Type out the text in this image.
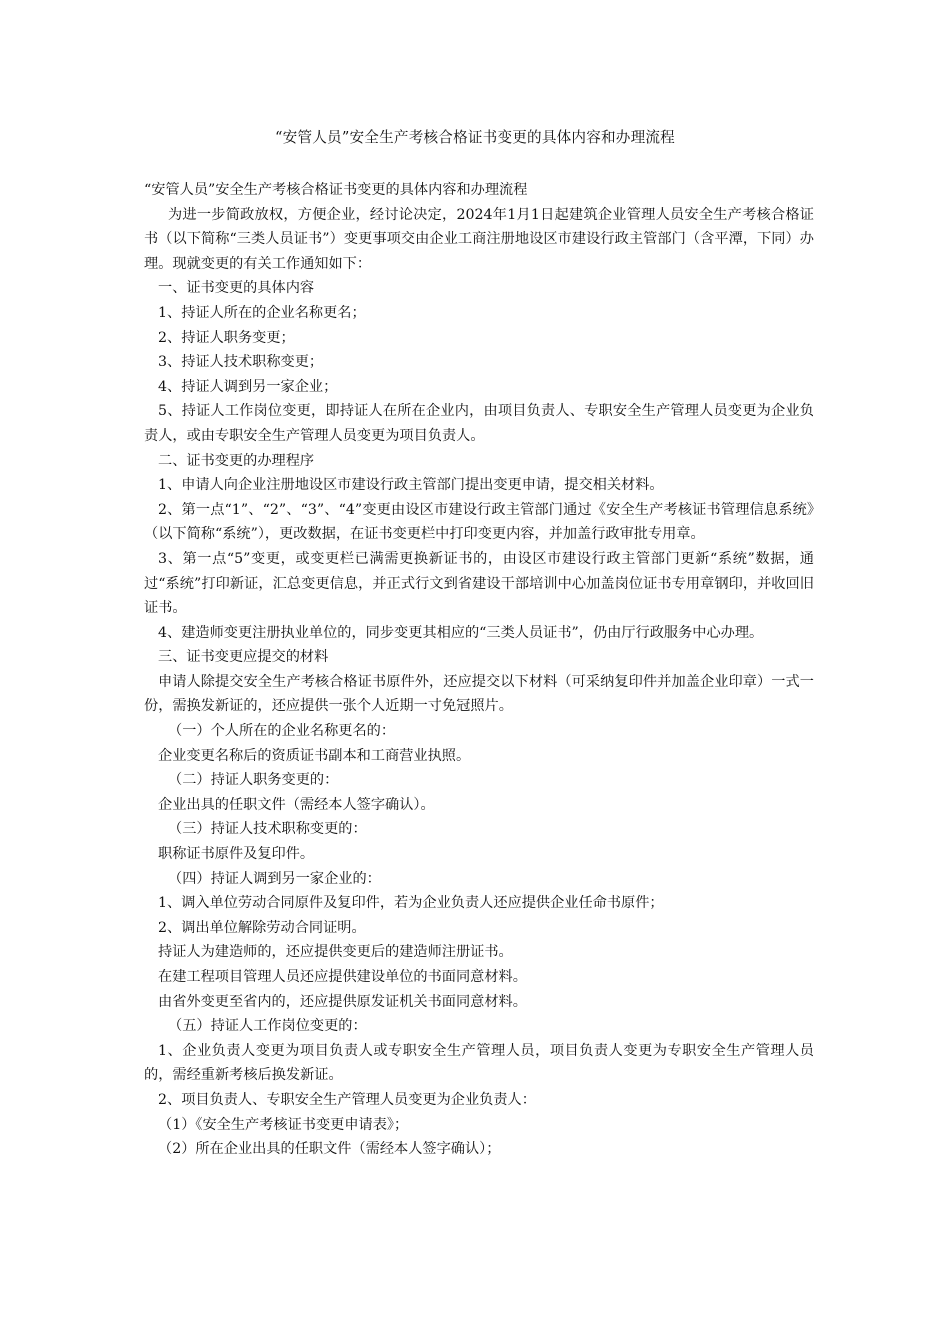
“安管人员”安全生产考核合格证书变更的具体内容和办理流程

“安管人员”安全生产考核合格证书变更的具体内容和办理流程

为进一步简政放权，方便企业，经讨论决定，2024年1月1日起建筑企业管理人员安全生产考核合格证书（以下简称“三类人员证书”）变更事项交由企业工商注册地设区市建设行政主管部门（含平潭，下同）办理。现就变更的有关工作通知如下：

一、证书变更的具体内容

1、持证人所在的企业名称更名；

2、持证人职务变更；

3、持证人技术职称变更；

4、持证人调到另一家企业；

5、持证人工作岗位变更，即持证人在所在企业内，由项目负责人、专职安全生产管理人员变更为企业负责人，或由专职安全生产管理人员变更为项目负责人。

二、证书变更的办理程序

1、申请人向企业注册地设区市建设行政主管部门提出变更申请，提交相关材料。

2、第一点“1”、“2”、“3”、“4”变更由设区市建设行政主管部门通过《安全生产考核证书管理信息系统》（以下简称“系统”），更改数据，在证书变更栏中打印变更内容，并加盖行政审批专用章。

3、第一点“5”变更，或变更栏已满需更换新证书的，由设区市建设行政主管部门更新“系统”数据，通过“系统”打印新证，汇总变更信息，并正式行文到省建设干部培训中心加盖岗位证书专用章钢印，并收回旧证书。

4、建造师变更注册执业单位的，同步变更其相应的“三类人员证书”，仍由厅行政服务中心办理。

三、证书变更应提交的材料

申请人除提交安全生产考核合格证书原件外，还应提交以下材料（可采纳复印件并加盖企业印章）一式一份，需换发新证的，还应提供一张个人近期一寸免冠照片。

（一）个人所在的企业名称更名的：

企业变更名称后的资质证书副本和工商营业执照。

（二）持证人职务变更的：

企业出具的任职文件（需经本人签字确认）。

（三）持证人技术职称变更的：

职称证书原件及复印件。

（四）持证人调到另一家企业的：

1、调入单位劳动合同原件及复印件，若为企业负责人还应提供企业任命书原件；

2、调出单位解除劳动合同证明。

持证人为建造师的，还应提供变更后的建造师注册证书。

在建工程项目管理人员还应提供建设单位的书面同意材料。

由省外变更至省内的，还应提供原发证机关书面同意材料。

（五）持证人工作岗位变更的：

1、企业负责人变更为项目负责人或专职安全生产管理人员，项目负责人变更为专职安全生产管理人员的，需经重新考核后换发新证。

2、项目负责人、专职安全生产管理人员变更为企业负责人：

（1）《安全生产考核证书变更申请表》；

（2）所在企业出具的任职文件（需经本人签字确认）；
